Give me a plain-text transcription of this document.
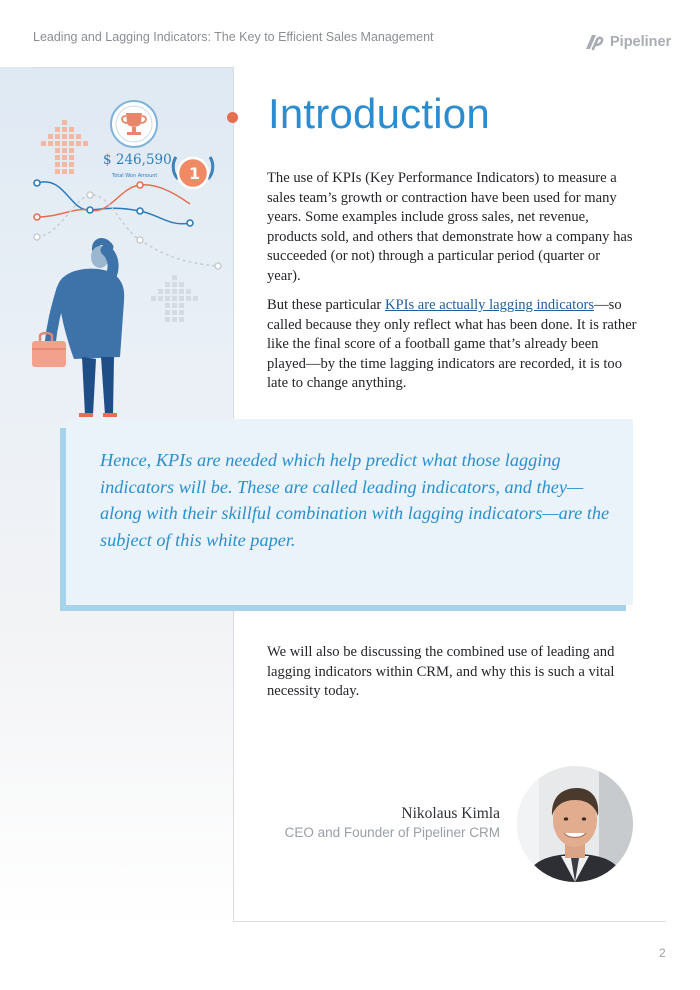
Leading and Lagging Indicators: The Key to Efficient Sales Management	Pipeliner
$ 246,590
Total Won Amount 1
Introduction

The use of KPIs (Key Performance Indicators) to measure a sales team’s growth or contraction have been used for many years. Some examples include gross sales, net revenue, products sold, and others that demonstrate how a company has succeeded (or not) through a particular period (quarter or year).

But these particular KPIs are actually lagging indicators—so called because they only reflect what has been done. It is rather like the final score of a football game that’s already been played—by the time lagging indicators are recorded, it is too late to change anything.

Hence, KPIs are needed which help predict what those lagging indicators will be. These are called leading indicators, and they—along with their skillful combination with lagging indicators—are the subject of this white paper.

We will also be discussing the combined use of leading and lagging indicators within CRM, and why this is such a vital necessity today.

Nikolaus Kimla
CEO and Founder of Pipeliner CRM
2
